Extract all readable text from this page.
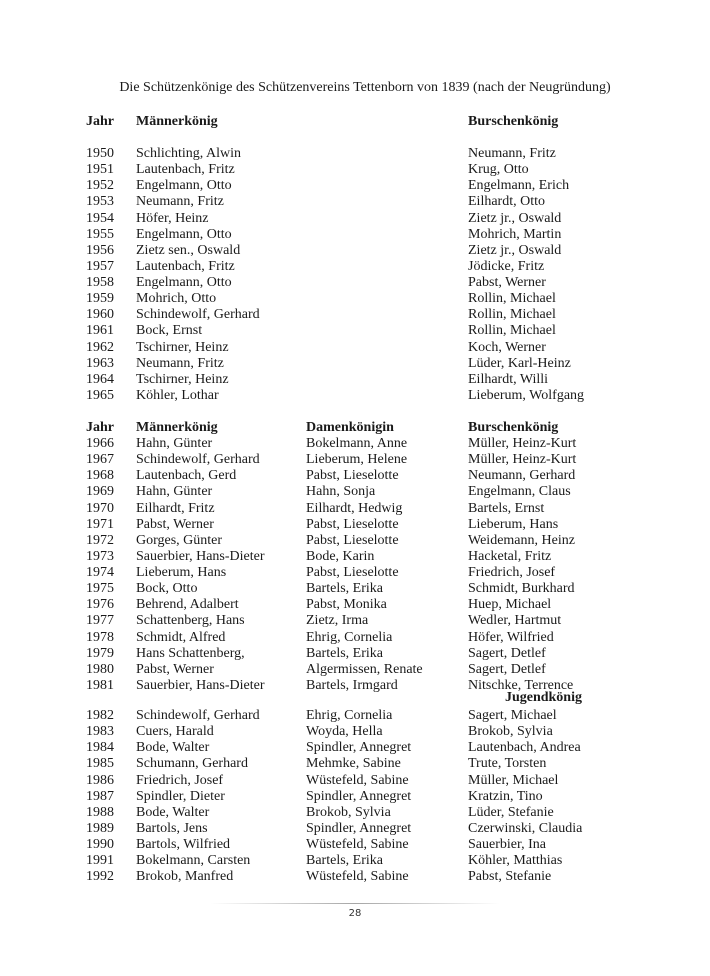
Die Schützenkönige des Schützenvereins Tettenborn von 1839 (nach der Neugründung)
Jahr Männerkönig	Burschenkönig
1950 Schlichting, Alwin	Neumann, Fritz
1951 Lautenbach, Fritz	Krug, Otto
1952 Engelmann, Otto	Engelmann, Erich
1953 Neumann, Fritz	Eilhardt, Otto
1954 Höfer, Heinz	Zietz jr., Oswald
1955 Engelmann, Otto	Mohrich, Martin
1956 Zietz sen., Oswald	Zietz jr., Oswald
1957 Lautenbach, Fritz	Jödicke, Fritz
1958 Engelmann, Otto	Pabst, Werner
1959 Mohrich, Otto	Rollin, Michael
1960 Schindewolf, Gerhard	Rollin, Michael
1961 Bock, Ernst	Rollin, Michael
1962 Tschirner, Heinz	Koch, Werner
1963 Neumann, Fritz	Lüder, Karl-Heinz
1964 Tschirner, Heinz	Eilhardt, Willi
1965 Köhler, Lothar	Lieberum, Wolfgang
Jahr Männerkönig	Damenkönigin	Burschenkönig
1966 Hahn, Günter	Bokelmann, Anne	Müller, Heinz-Kurt
1967 Schindewolf, Gerhard	Lieberum, Helene	Müller, Heinz-Kurt
1968 Lautenbach, Gerd	Pabst, Lieselotte	Neumann, Gerhard
1969 Hahn, Günter	Hahn, Sonja	Engelmann, Claus
1970 Eilhardt, Fritz	Eilhardt, Hedwig	Bartels, Ernst
1971 Pabst, Werner	Pabst, Lieselotte	Lieberum, Hans
1972 Gorges, Günter	Pabst, Lieselotte	Weidemann, Heinz
1973 Sauerbier, Hans-Dieter	Bode, Karin	Hacketal, Fritz
1974 Lieberum, Hans	Pabst, Lieselotte	Friedrich, Josef
1975 Bock, Otto	Bartels, Erika	Schmidt, Burkhard
1976 Behrend, Adalbert	Pabst, Monika	Huep, Michael
1977 Schattenberg, Hans	Zietz, Irma	Wedler, Hartmut
1978 Schmidt, Alfred	Ehrig, Cornelia	Höfer, Wilfried
1979 Hans Schattenberg,	Bartels, Erika	Sagert, Detlef
1980 Pabst, Werner	Algermissen, Renate	Sagert, Detlef
1981 Sauerbier, Hans-Dieter	Bartels, Irmgard	Nitschke, Terrence
Jugendkönig
1982 Schindewolf, Gerhard	Ehrig, Cornelia	Sagert, Michael
1983 Cuers, Harald	Woyda, Hella	Brokob, Sylvia
1984 Bode, Walter	Spindler, Annegret	Lautenbach, Andrea
1985 Schumann, Gerhard	Mehmke, Sabine	Trute, Torsten
1986 Friedrich, Josef	Wüstefeld, Sabine	Müller, Michael
1987 Spindler, Dieter	Spindler, Annegret	Kratzin, Tino
1988 Bode, Walter	Brokob, Sylvia	Lüder, Stefanie
1989 Bartols, Jens	Spindler, Annegret	Czerwinski, Claudia
1990 Bartols, Wilfried	Wüstefeld, Sabine	Sauerbier, Ina
1991 Bokelmann, Carsten	Bartels, Erika	Köhler, Matthias
1992 Brokob, Manfred	Wüstefeld, Sabine	Pabst, Stefanie
28
